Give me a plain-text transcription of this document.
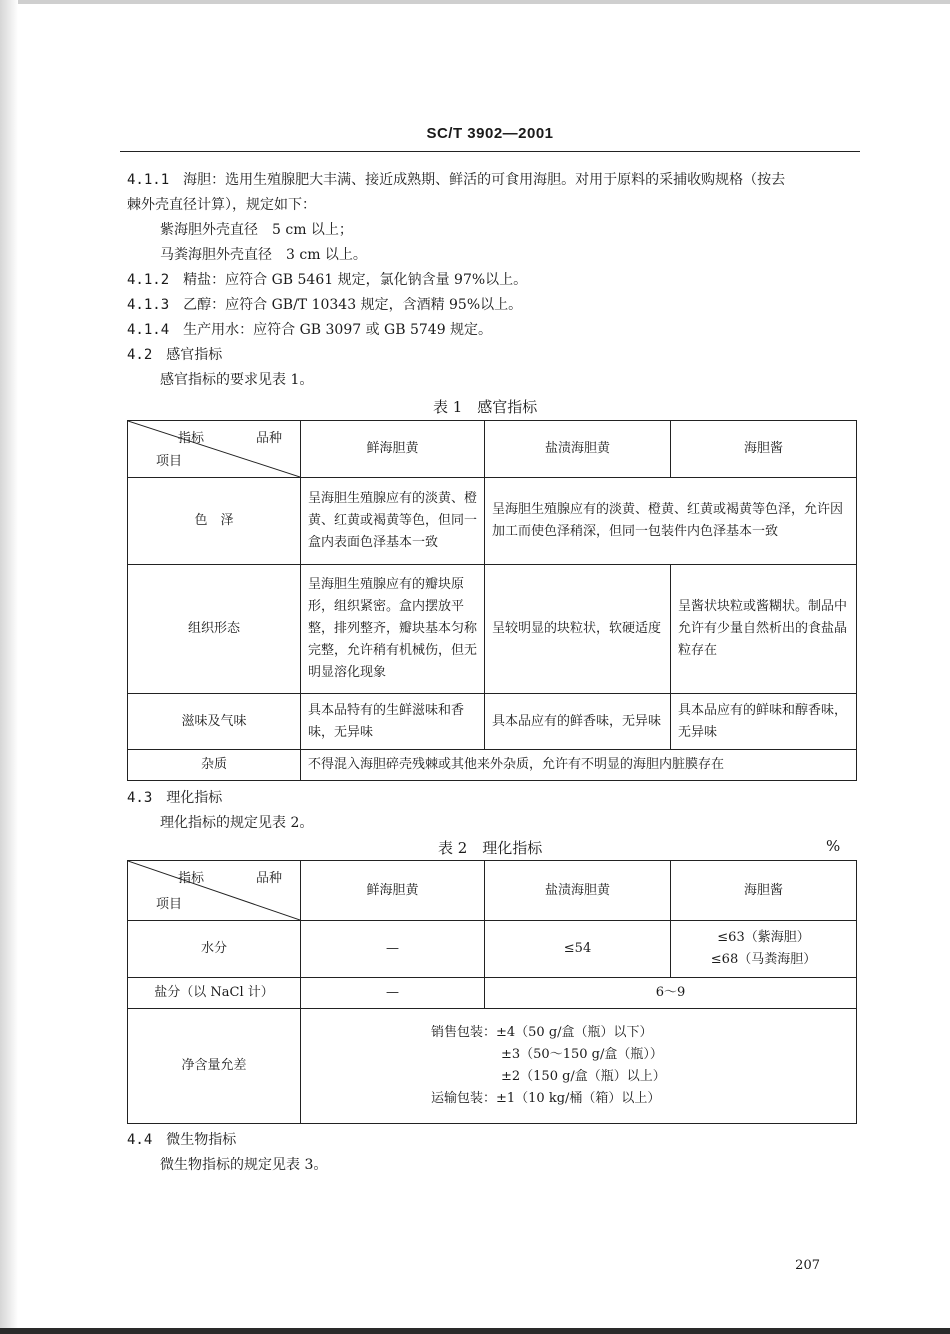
SC/T 3902—2001
4.1.1　 海胆：选用生殖腺肥大丰满、接近成熟期、鲜活的可食用海胆。对用于原料的采捕收购规格（按去
棘外壳直径计算），规定如下：
紫海胆外壳直径　5 cm 以上；
马粪海胆外壳直径　3 cm 以上。
4.1.2　 精盐：应符合 GB 5461 规定，氯化钠含量 97%以上。
4.1.3　 乙醇：应符合 GB/T 10343 规定，含酒精 95%以上。
4.1.4　 生产用水：应符合 GB 3097 或 GB 5749 规定。
4.2　 感官指标
感官指标的要求见表 1。
表 1　感官指标
指标 品种
项目	鲜海胆黄	盐渍海胆黄	海胆酱
色　泽	呈海胆生殖腺应有的淡黄、橙黄、红黄或褐黄等色，但同一盒内表面色泽基本一致	呈海胆生殖腺应有的淡黄、橙黄、红黄或褐黄等色泽，允许因加工而使色泽稍深，但同一包装件内色泽基本一致	
组织形态	呈海胆生殖腺应有的瓣块原形，组织紧密。盒内摆放平整，排列整齐，瓣块基本匀称完整，允许稍有机械伤，但无明显溶化现象	呈较明显的块粒状，软硬适度	呈酱状块粒或酱糊状。制品中允许有少量自然析出的食盐晶粒存在
滋味及气味	具本品特有的生鲜滋味和香味，无异味	具本品应有的鲜香味，无异味	具本品应有的鲜味和醇香味，无异味
杂质	不得混入海胆碎壳残棘或其他来外杂质，允许有不明显的海胆内脏膜存在		
4.3　 理化指标
理化指标的规定见表 2。
表 2　理化指标	%
指标 品种
项目	鲜海胆黄	盐渍海胆黄	海胆酱
水分	—	≤54	≤63（紫海胆）
≤68（马粪海胆）

盐分（以 NaCl 计）	—	6～9	
净含量允差	销售包装：±4（50 g/盒（瓶）以下）
±3（50～150 g/盒（瓶））
±2（150 g/盒（瓶）以上）
运输包装：±1（10 kg/桶（箱）以上）		
4.4　 微生物指标
微生物指标的规定见表 3。
207
